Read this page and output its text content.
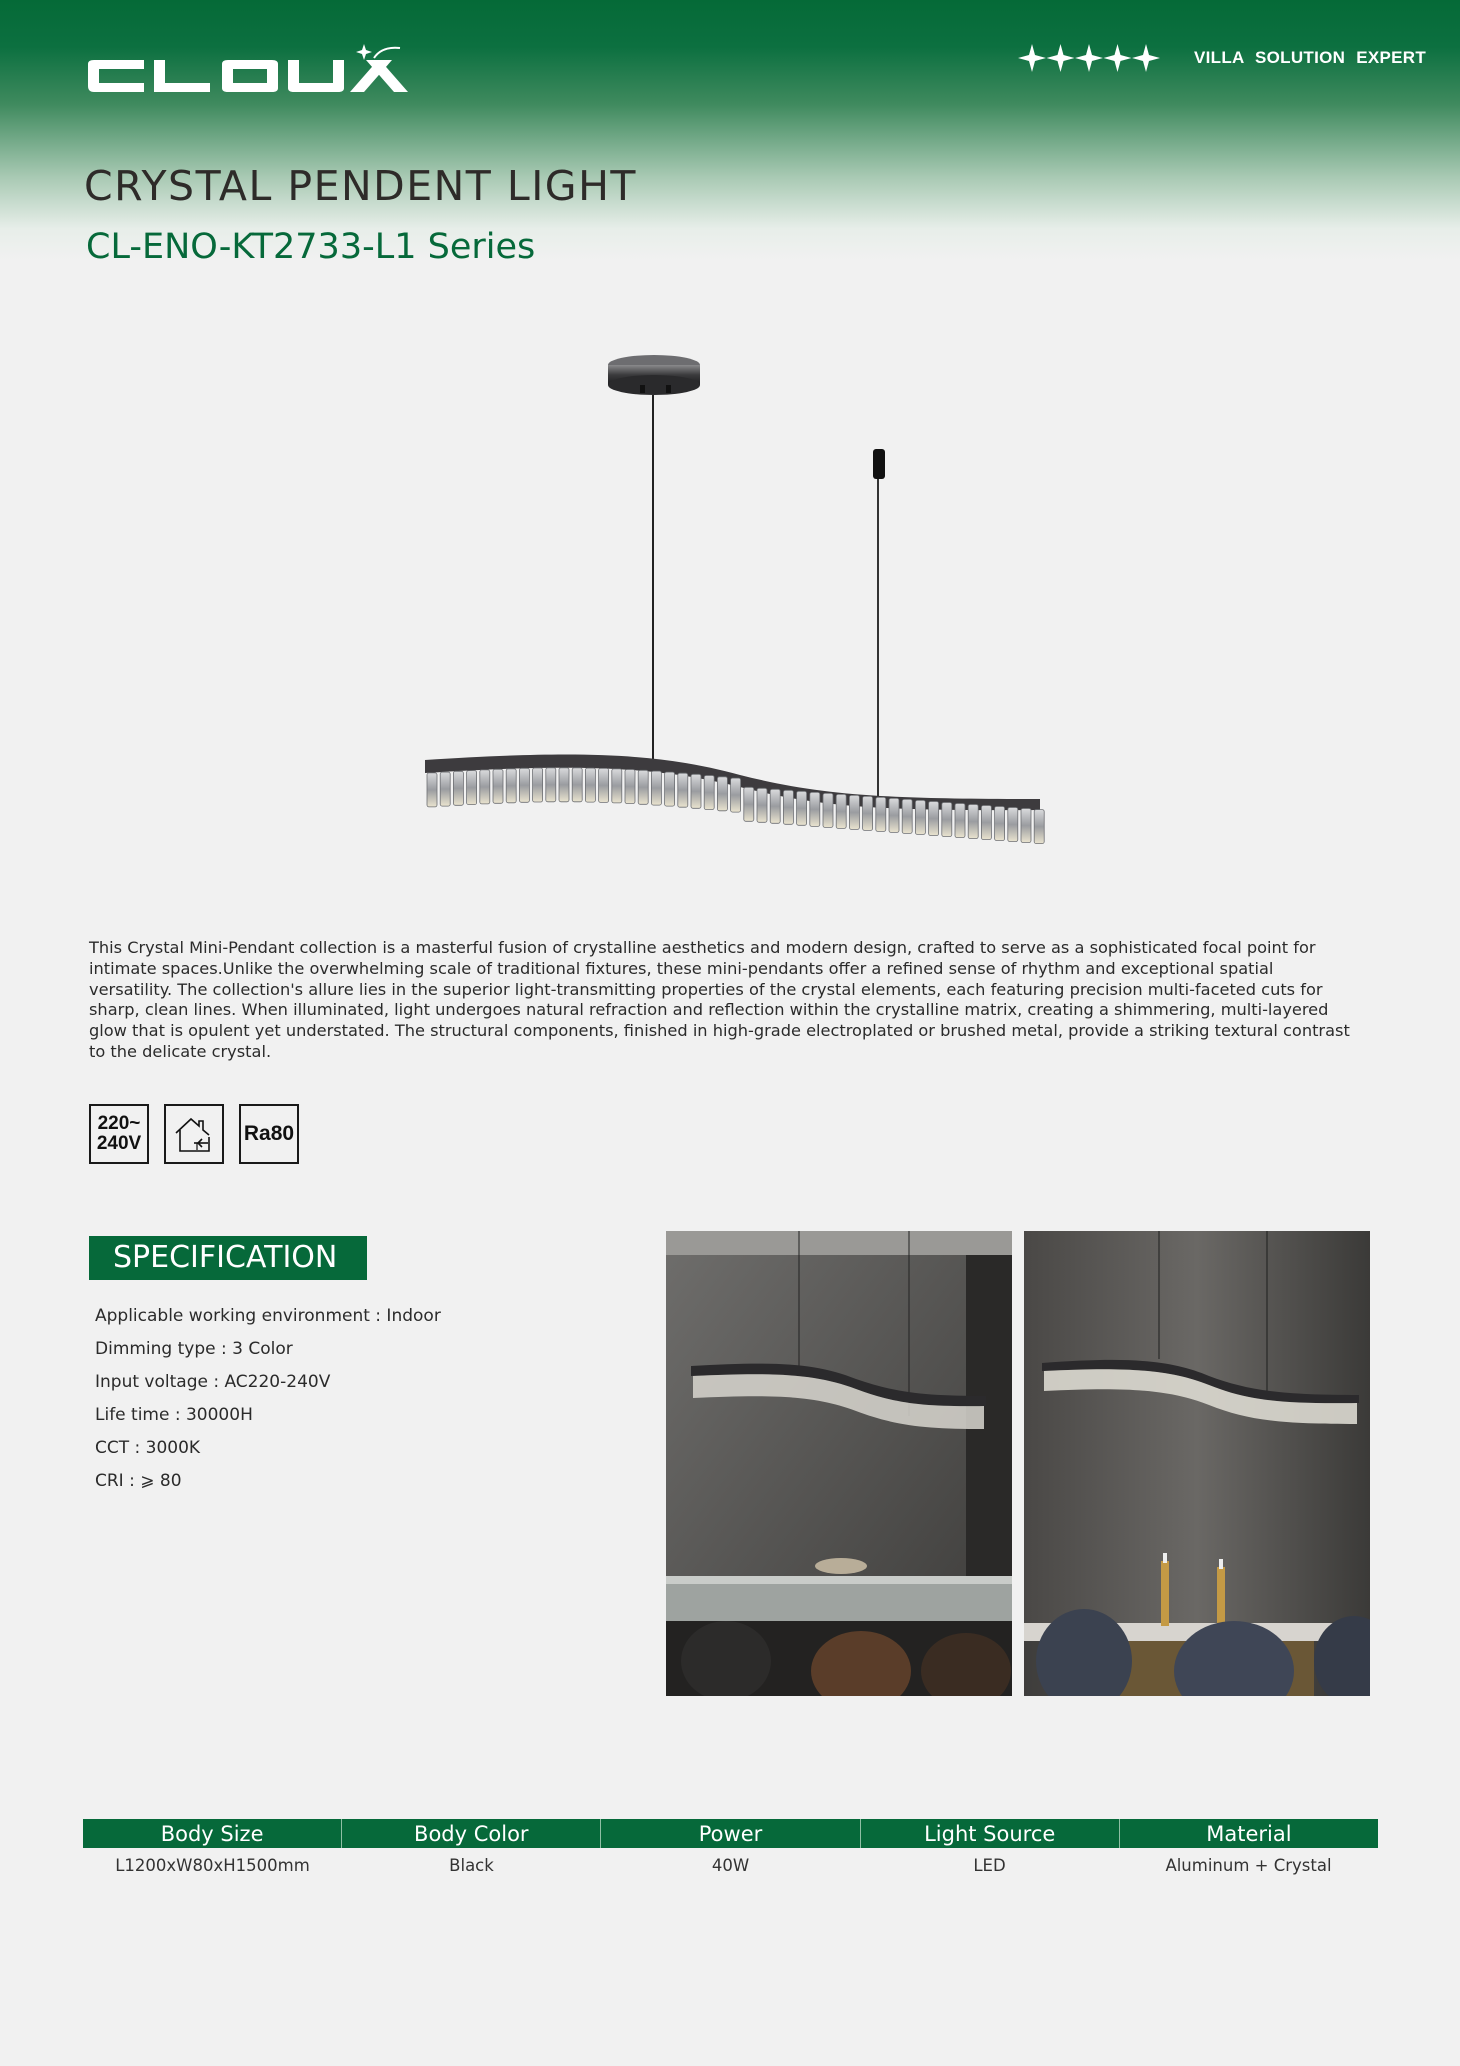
VILLA SOLUTION EXPERT
CRYSTAL PENDENT LIGHT
CL-ENO-KT2733-L1 Series

This Crystal Mini-Pendant collection is a masterful fusion of crystalline aesthetics and modern design, crafted to serve as a sophisticated focal point for intimate spaces.Unlike the overwhelming scale of traditional fixtures, these mini-pendants offer a refined sense of rhythm and exceptional spatial versatility. The collection's allure lies in the superior light-transmitting properties of the crystal elements, each featuring precision multi-faceted cuts for sharp, clean lines. When illuminated, light undergoes natural refraction and reflection within the crystalline matrix, creating a shimmering, multi-layered glow that is opulent yet understated. The structural components, finished in high-grade electroplated or brushed metal, provide a striking textural contrast to the delicate crystal.

220~
240V	Ra80
SPECIFICATION
Applicable working environment : Indoor
Dimming type : 3 Color
Input voltage : AC220-240V
Life time : 30000H
CCT : 3000K
CRI : ⩾ 80
Body Size	Body Color	Power	Light Source	Material
L1200xW80xH1500mm	Black	40W	LED	Aluminum + Crystal
